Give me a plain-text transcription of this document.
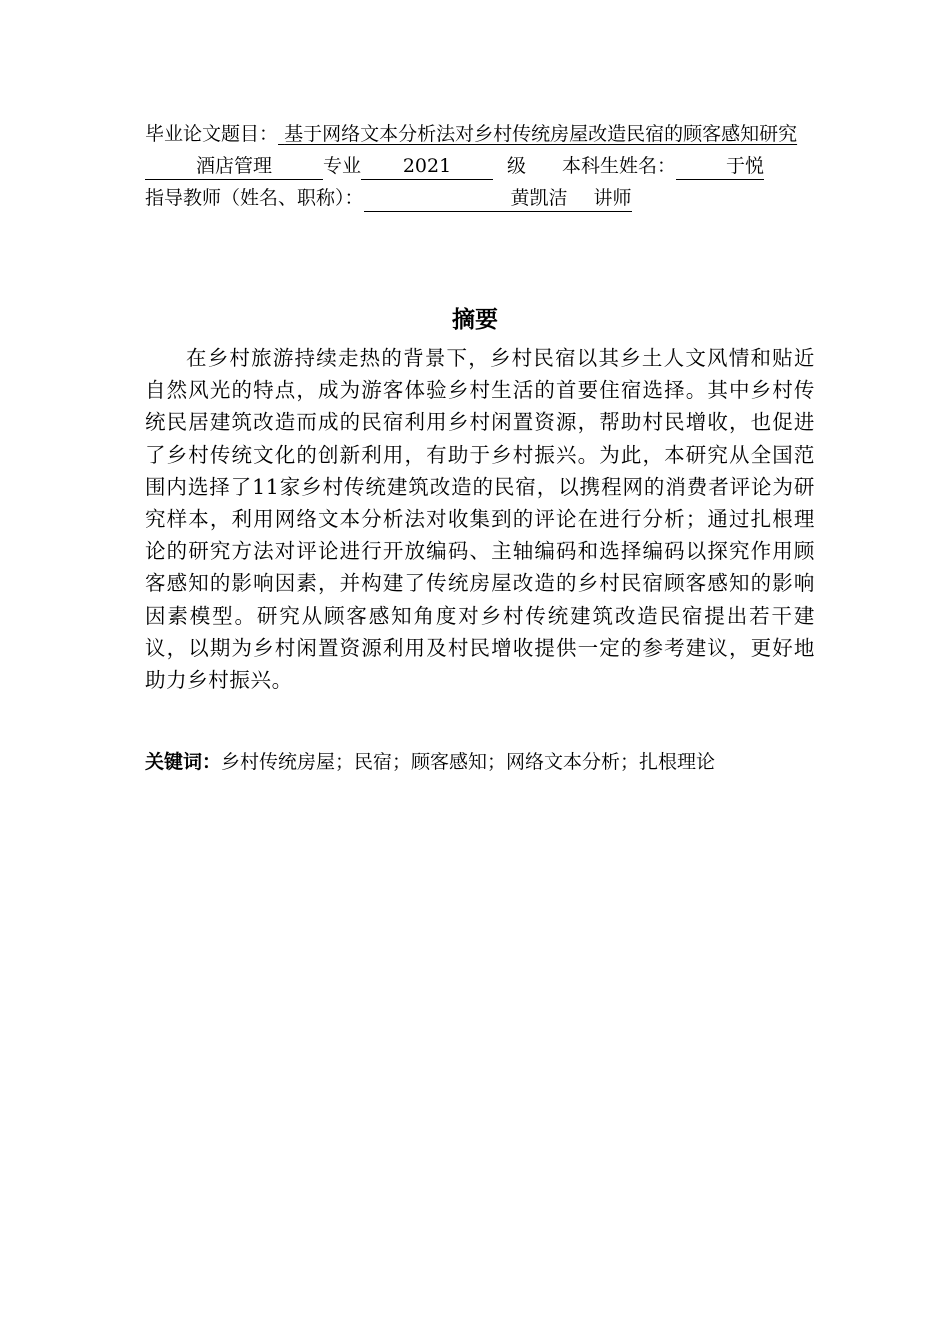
毕业论文题目： 基于网络文本分析法对乡村传统房屋改造民宿的顾客感知研究
酒店管理	专业 2021	级 本科生姓名：	于悦
指导教师（姓名、职称）：	黄凯洁 讲师
摘要
在乡村旅游持续走热的背景下，乡村民宿以其乡土人文风情和贴近自然风光的特点，成为游客体验乡村生活的首要住宿选择。其中乡村传统民居建筑改造而成的民宿利用乡村闲置资源，帮助村民增收，也促进了乡村传统文化的创新利用，有助于乡村振兴。为此，本研究从全国范围内选择了11家乡村传统建筑改造的民宿，以携程网的消费者评论为研究样本，利用网络文本分析法对收集到的评论在进行分析；通过扎根理论的研究方法对评论进行开放编码、主轴编码和选择编码以探究作用顾客感知的影响因素，并构建了传统房屋改造的乡村民宿顾客感知的影响因素模型。研究从顾客感知角度对乡村传统建筑改造民宿提出若干建议，以期为乡村闲置资源利用及村民增收提供一定的参考建议，更好地助力乡村振兴。
关键词：乡村传统房屋；民宿；顾客感知；网络文本分析；扎根理论
